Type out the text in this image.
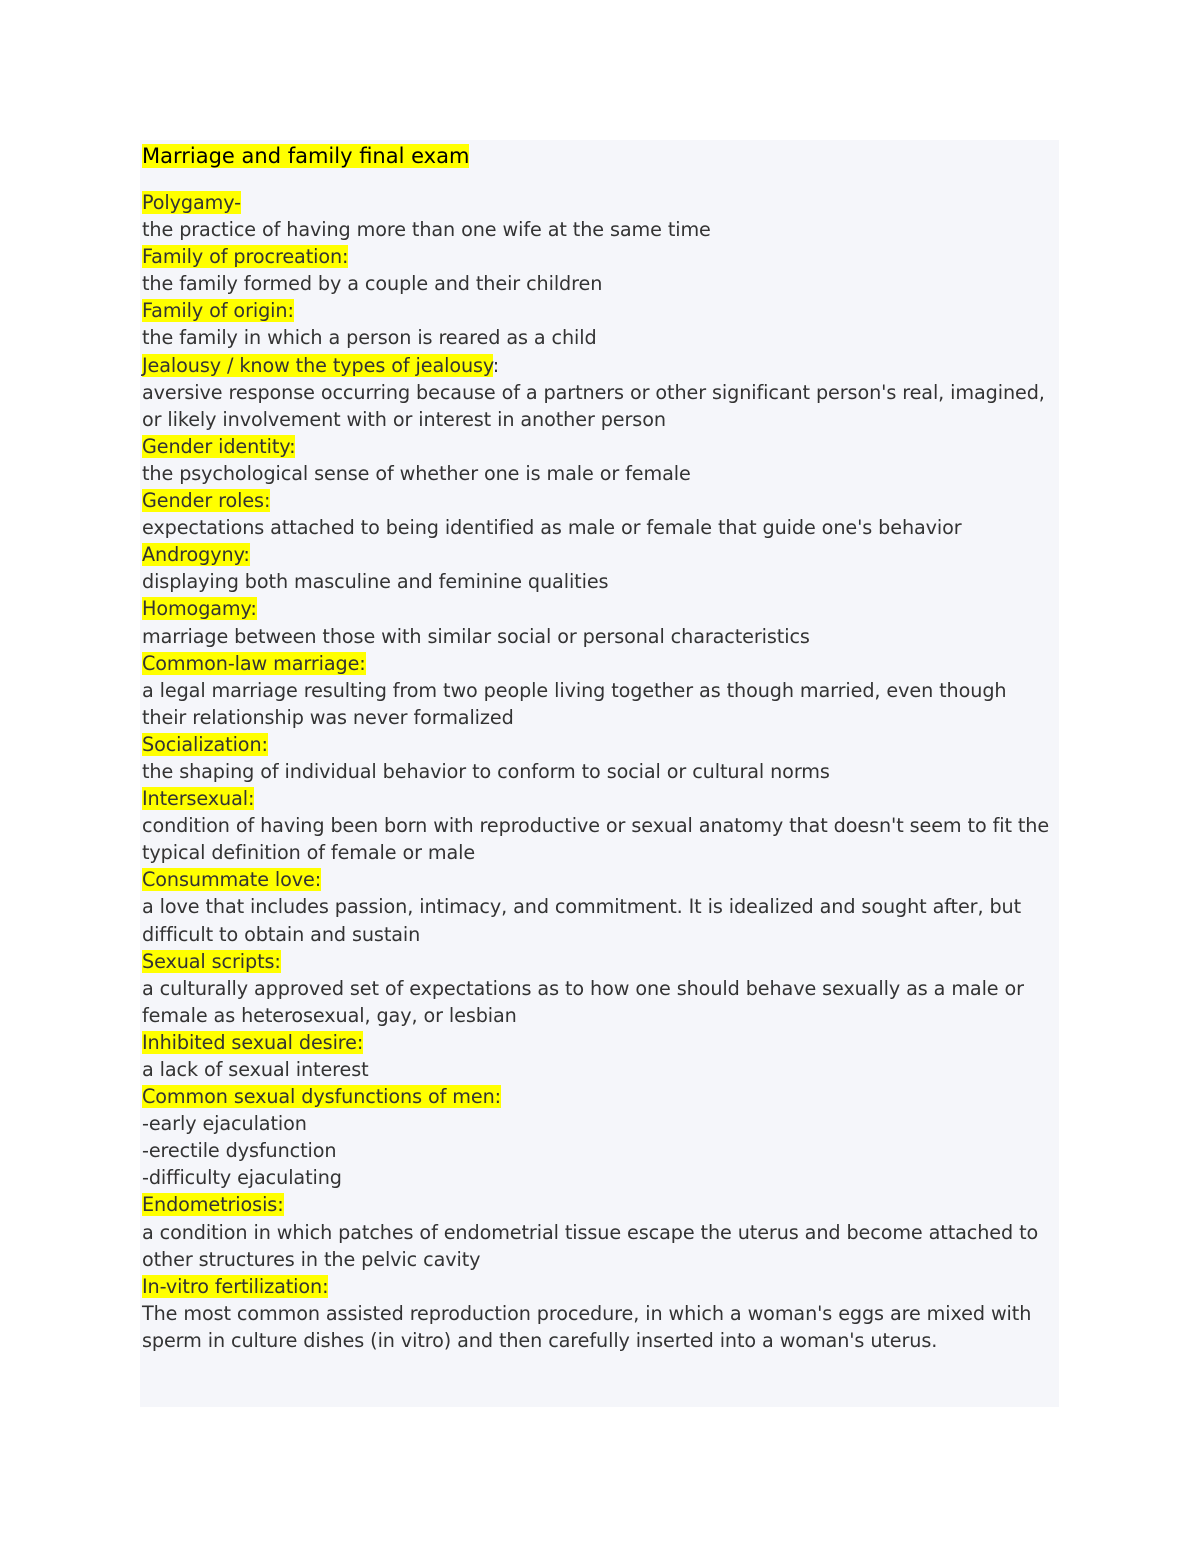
Marriage and family final exam
Polygamy-
the practice of having more than one wife at the same time
Family of procreation:
the family formed by a couple and their children
Family of origin:
the family in which a person is reared as a child
Jealousy / know the types of jealousy:
aversive response occurring because of a partners or other significant person's real, imagined, or likely involvement with or interest in another person
Gender identity:
the psychological sense of whether one is male or female
Gender roles:
expectations attached to being identified as male or female that guide one's behavior
Androgyny:
displaying both masculine and feminine qualities
Homogamy:
marriage between those with similar social or personal characteristics
Common-law marriage:
a legal marriage resulting from two people living together as though married, even though their relationship was never formalized
Socialization:
the shaping of individual behavior to conform to social or cultural norms
Intersexual:
condition of having been born with reproductive or sexual anatomy that doesn't seem to fit the typical definition of female or male
Consummate love:
a love that includes passion, intimacy, and commitment. It is idealized and sought after, but difficult to obtain and sustain
Sexual scripts:
a culturally approved set of expectations as to how one should behave sexually as a male or female as heterosexual, gay, or lesbian
Inhibited sexual desire:
a lack of sexual interest
Common sexual dysfunctions of men:
-early ejaculation
-erectile dysfunction
-difficulty ejaculating
Endometriosis:
a condition in which patches of endometrial tissue escape the uterus and become attached to other structures in the pelvic cavity
In-vitro fertilization:
The most common assisted reproduction procedure, in which a woman's eggs are mixed with sperm in culture dishes (in vitro) and then carefully inserted into a woman's uterus.
